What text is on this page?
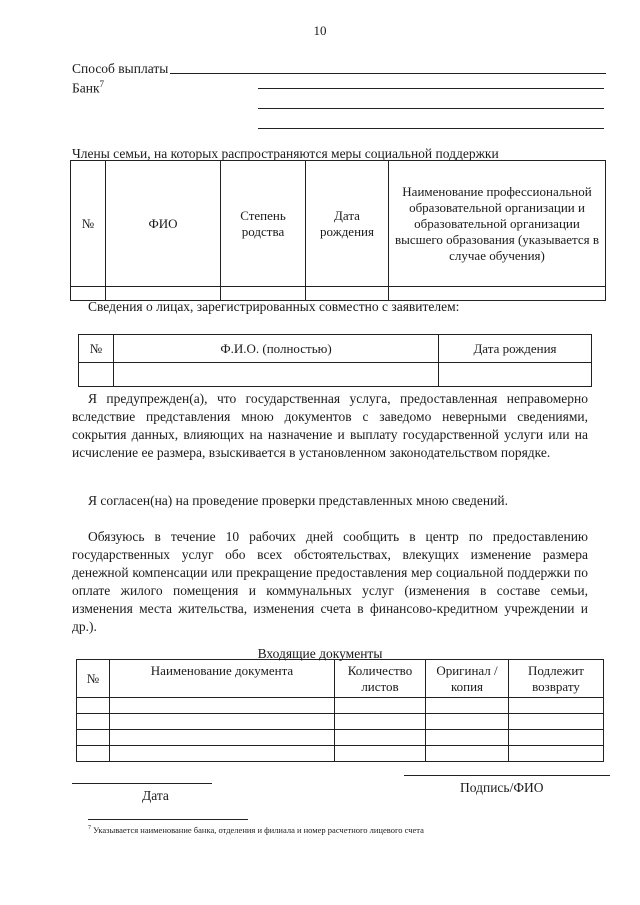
10
Способ выплаты
Банк$^7$
Члены семьи, на которых распространяются меры социальной поддержки
№	ФИО	Степень родства	Дата рождения	Наименование профессиональной образовательной организации и образовательной организации высшего образования (указывается в случае обучения)

Сведения о лицах, зарегистрированных совместно с заявителем:
№	Ф.И.О. (полностью)	Дата рождения

Я предупрежден(а), что государственная услуга, предоставленная неправомерно вследствие представления мною документов с заведомо неверными сведениями, сокрытия данных, влияющих на назначение и выплату государственной услуги или на исчисление ее размера, взыскивается в установленном законодательством порядке.
Я согласен(на) на проведение проверки представленных мною сведений.
Обязуюсь в течение 10 рабочих дней сообщить в центр по предоставлению государственных услуг обо всех обстоятельствах, влекущих изменение размера денежной компенсации или прекращение предоставления мер социальной поддержки по оплате жилого помещения и коммунальных услуг (изменения в составе семьи, изменения места жительства, изменения счета в финансово-кредитном учреждении и др.).
Входящие документы
№	Наименование документа	Количество листов	Оригинал /копия	Подлежит возврату

Дата
Подпись/ФИО
$^7$ Указывается наименование банка, отделения и филиала и номер расчетного лицевого счета
